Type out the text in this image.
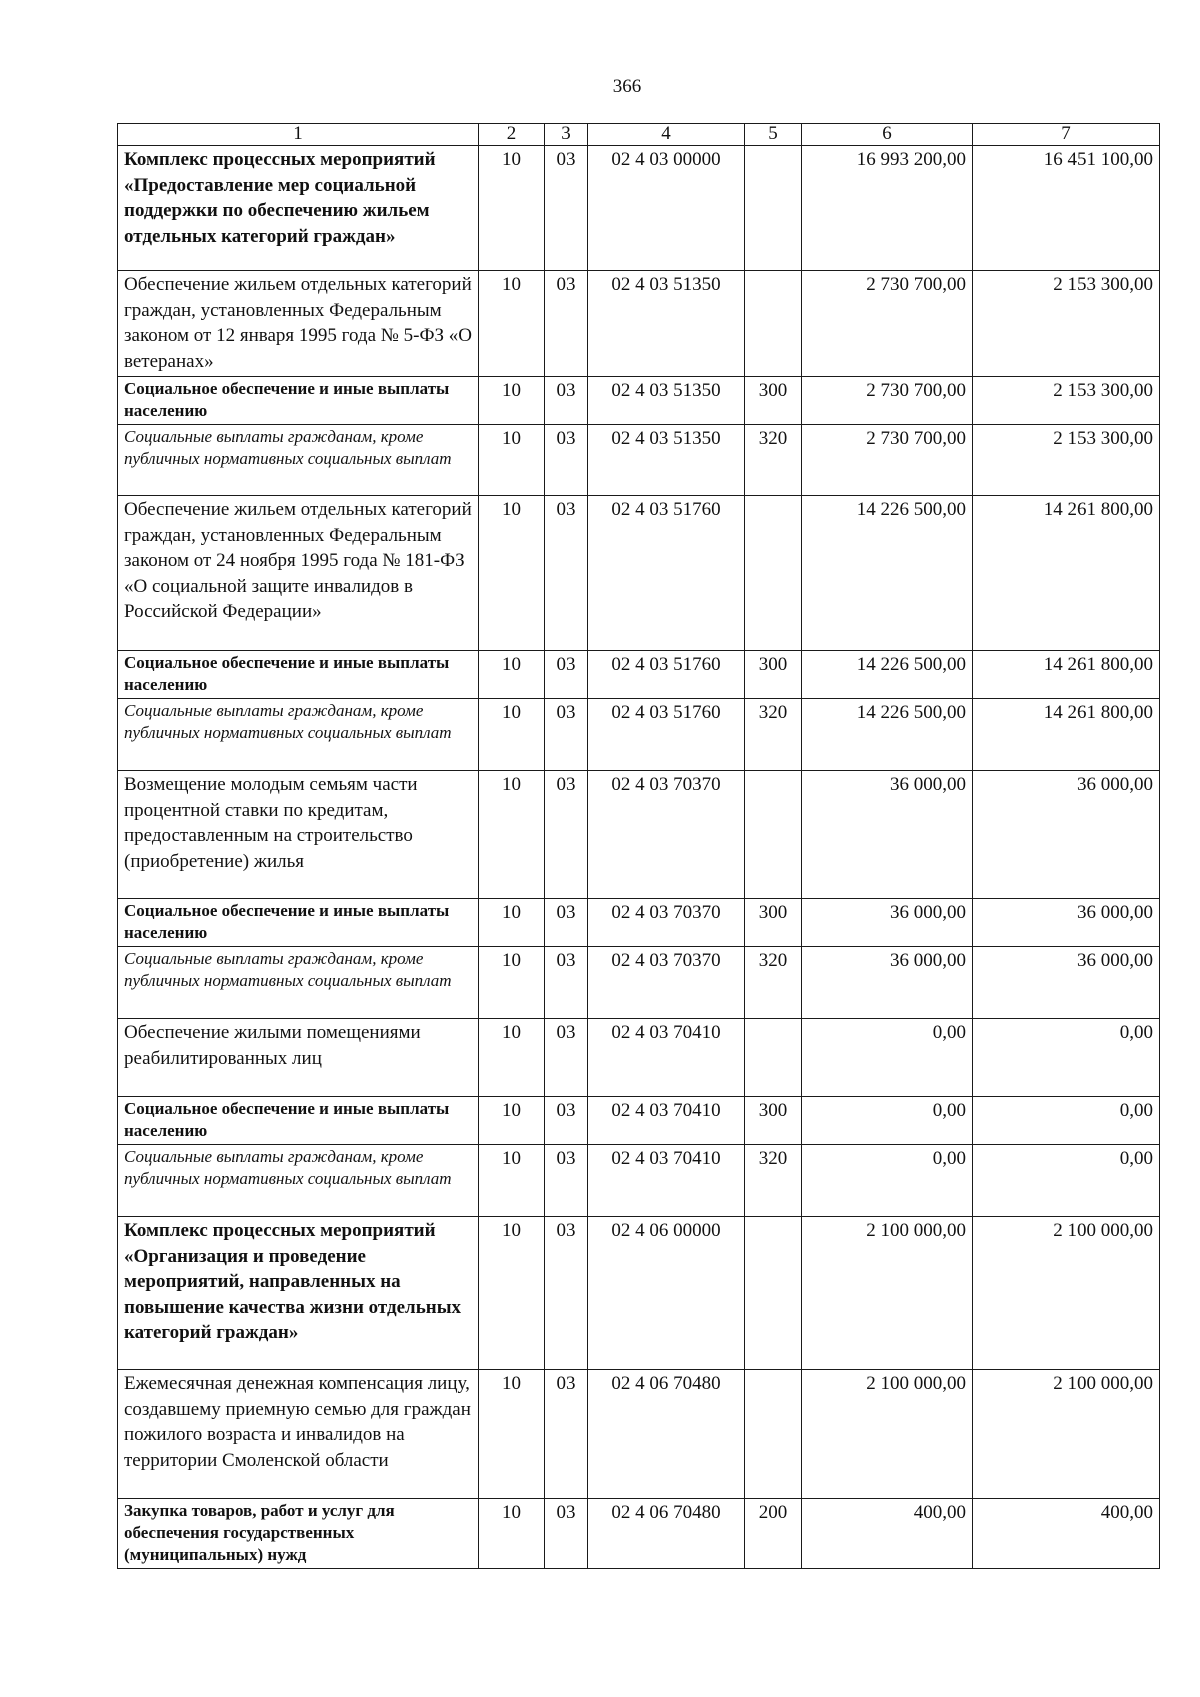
366
1	2	3	4	5	6	7
Комплекс процессных мероприятий «Предоставление мер социальной поддержки по обеспечению жильем отдельных категорий граждан»	10	03	02 4 03 00000		16 993 200,00	16 451 100,00
Обеспечение жильем отдельных категорий граждан, установленных Федеральным законом от 12 января 1995 года № 5-ФЗ «О ветеранах»	10	03	02 4 03 51350		2 730 700,00	2 153 300,00
Социальное обеспечение и иные выплаты населению	10	03	02 4 03 51350	300	2 730 700,00	2 153 300,00
Социальные выплаты гражданам, кроме публичных нормативных социальных выплат	10	03	02 4 03 51350	320	2 730 700,00	2 153 300,00
Обеспечение жильем отдельных категорий граждан, установленных Федеральным законом от 24 ноября 1995 года № 181-ФЗ «О социальной защите инвалидов в Российской Федерации»	10	03	02 4 03 51760		14 226 500,00	14 261 800,00
Социальное обеспечение и иные выплаты населению	10	03	02 4 03 51760	300	14 226 500,00	14 261 800,00
Социальные выплаты гражданам, кроме публичных нормативных социальных выплат	10	03	02 4 03 51760	320	14 226 500,00	14 261 800,00
Возмещение молодым семьям части процентной ставки по кредитам, предоставленным на строительство (приобретение) жилья	10	03	02 4 03 70370		36 000,00	36 000,00
Социальное обеспечение и иные выплаты населению	10	03	02 4 03 70370	300	36 000,00	36 000,00
Социальные выплаты гражданам, кроме публичных нормативных социальных выплат	10	03	02 4 03 70370	320	36 000,00	36 000,00
Обеспечение жилыми помещениями реабилитированных лиц	10	03	02 4 03 70410		0,00	0,00
Социальное обеспечение и иные выплаты населению	10	03	02 4 03 70410	300	0,00	0,00
Социальные выплаты гражданам, кроме публичных нормативных социальных выплат	10	03	02 4 03 70410	320	0,00	0,00
Комплекс процессных мероприятий «Организация и проведение мероприятий, направленных на повышение качества жизни отдельных категорий граждан»	10	03	02 4 06 00000		2 100 000,00	2 100 000,00
Ежемесячная денежная компенсация лицу, создавшему приемную семью для граждан пожилого возраста и инвалидов на территории Смоленской области	10	03	02 4 06 70480		2 100 000,00	2 100 000,00
Закупка товаров, работ и услуг для обеспечения государственных (муниципальных) нужд	10	03	02 4 06 70480	200	400,00	400,00
